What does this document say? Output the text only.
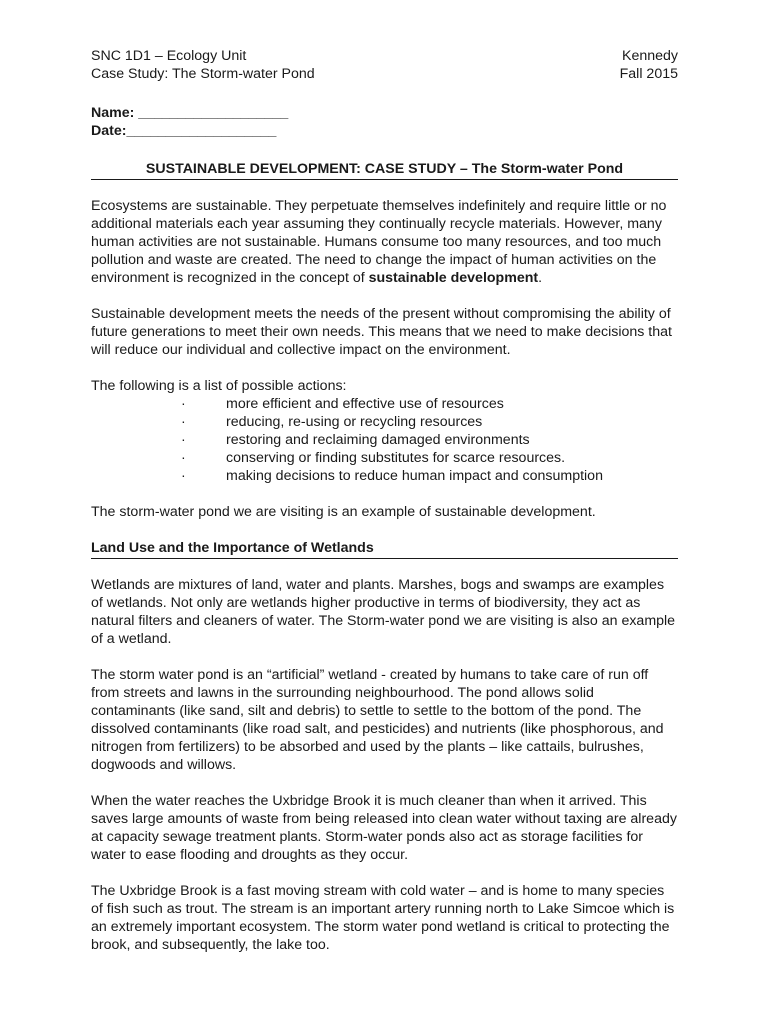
SNC 1D1 – Ecology Unit	Kennedy
Case Study: The Storm-water Pond	Fall 2015
Name: ___________________
Date:___________________
SUSTAINABLE DEVELOPMENT: CASE STUDY – The Storm-water Pond

Ecosystems are sustainable. They perpetuate themselves indefinitely and require little or no additional materials each year assuming they continually recycle materials. However, many human activities are not sustainable. Humans consume too many resources, and too much pollution and waste are created. The need to change the impact of human activities on the environment is recognized in the concept of sustainable development.

Sustainable development meets the needs of the present without compromising the ability of future generations to meet their own needs. This means that we need to make decisions that will reduce our individual and collective impact on the environment.

The following is a list of possible actions:

·	more efficient and effective use of resources
·	reducing, re-using or recycling resources
·	restoring and reclaiming damaged environments
·	conserving or finding substitutes for scarce resources.
·	making decisions to reduce human impact and consumption

The storm-water pond we are visiting is an example of sustainable development.

Land Use and the Importance of Wetlands

Wetlands are mixtures of land, water and plants. Marshes, bogs and swamps are examples of wetlands. Not only are wetlands higher productive in terms of biodiversity, they act as natural filters and cleaners of water. The Storm-water pond we are visiting is also an example of a wetland.

The storm water pond is an “artificial” wetland - created by humans to take care of run off from streets and lawns in the surrounding neighbourhood. The pond allows solid contaminants (like sand, silt and debris) to settle to settle to the bottom of the pond. The dissolved contaminants (like road salt, and pesticides) and nutrients (like phosphorous, and nitrogen from fertilizers) to be absorbed and used by the plants – like cattails, bulrushes, dogwoods and willows.

When the water reaches the Uxbridge Brook it is much cleaner than when it arrived. This saves large amounts of waste from being released into clean water without taxing are already at capacity sewage treatment plants. Storm-water ponds also act as storage facilities for water to ease flooding and droughts as they occur.

The Uxbridge Brook is a fast moving stream with cold water – and is home to many species of fish such as trout. The stream is an important artery running north to Lake Simcoe which is an extremely important ecosystem. The storm water pond wetland is critical to protecting the brook, and subsequently, the lake too.
